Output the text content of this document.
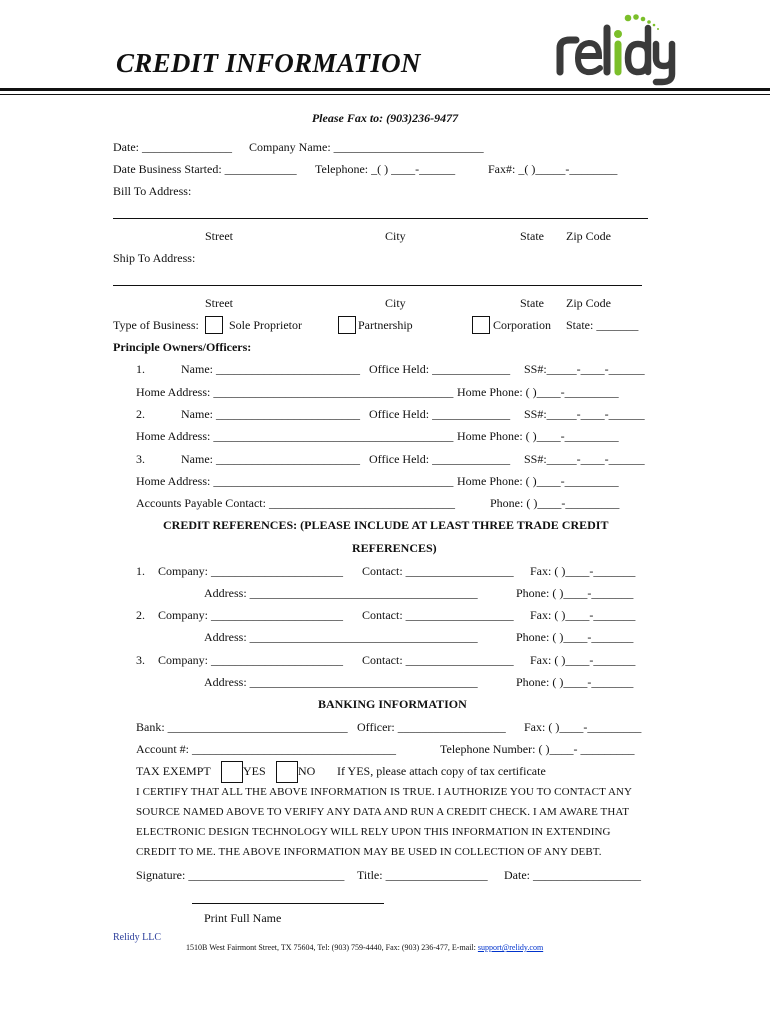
CREDIT INFORMATION
Please Fax to: (903)236-9477
Date: _______________ Company Name: _________________________
Date Business Started: ____________ Telephone: _( ) ____-______	Fax#: _( )_____-________
Bill To Address:
Street	City	State Zip Code
Ship To Address:
Street	City	State Zip Code
Type of Business:	Sole Proprietor	Partnership	Corporation State: _______
Principle Owners/Officers:
1.	Name: ________________________ Office Held: _____________ SS#:_____-____-______
Home Address: ________________________________________ Home Phone: ( )____-_________
2.	Name: ________________________ Office Held: _____________ SS#:_____-____-______
Home Address: ________________________________________ Home Phone: ( )____-_________
3.	Name: ________________________ Office Held: _____________ SS#:_____-____-______
Home Address: ________________________________________ Home Phone: ( )____-_________
Accounts Payable Contact: _______________________________	Phone: ( )____-_________
CREDIT REFERENCES: (PLEASE INCLUDE AT LEAST THREE TRADE CREDIT
REFERENCES)
1. Company: ______________________ Contact: __________________ Fax: ( )____-_______
Address: ______________________________________	Phone: ( )____-_______
2. Company: ______________________ Contact: __________________ Fax: ( )____-_______
Address: ______________________________________	Phone: ( )____-_______
3. Company: ______________________ Contact: __________________ Fax: ( )____-_______
Address: ______________________________________	Phone: ( )____-_______
BANKING INFORMATION
Bank: ______________________________ Officer: __________________ Fax: ( )____-_________
Account #: __________________________________	Telephone Number: ( )____- _________
TAX EXEMPT	YES	NO If YES, please attach copy of tax certificate
I CERTIFY THAT ALL THE ABOVE INFORMATION IS TRUE. I AUTHORIZE YOU TO CONTACT ANY
SOURCE NAMED ABOVE TO VERIFY ANY DATA AND RUN A CREDIT CHECK. I AM AWARE THAT
ELECTRONIC DESIGN TECHNOLOGY WILL RELY UPON THIS INFORMATION IN EXTENDING
CREDIT TO ME. THE ABOVE INFORMATION MAY BE USED IN COLLECTION OF ANY DEBT.
Signature: __________________________ Title: _________________ Date: __________________
Print Full Name
Relidy LLC
1510B West Fairmont Street, TX 75604, Tel: (903) 759-4440, Fax: (903) 236-477, E-mail: support@relidy.com
